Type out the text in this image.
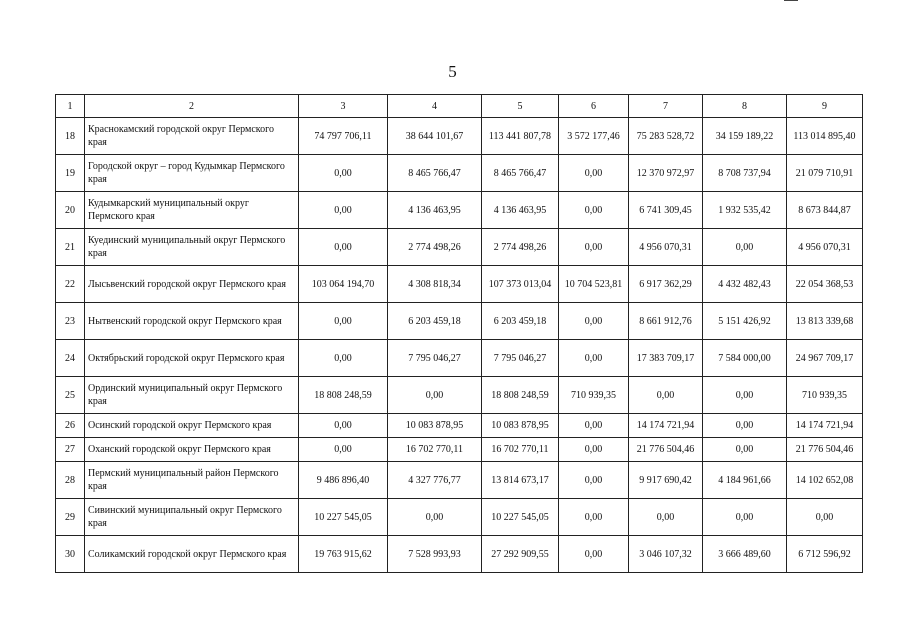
5
1	2	3	4	5	6	7	8	9
18	Краснокамский городской округ Пермского края	74 797 706,11	38 644 101,67	113 441 807,78	3 572 177,46	75 283 528,72	34 159 189,22	113 014 895,40
19	Городской округ – город Кудымкар Пермского края	0,00	8 465 766,47	8 465 766,47	0,00	12 370 972,97	8 708 737,94	21 079 710,91
20	Кудымкарский муниципальный округ Пермского края	0,00	4 136 463,95	4 136 463,95	0,00	6 741 309,45	1 932 535,42	8 673 844,87
21	Куединский муниципальный округ Пермского края	0,00	2 774 498,26	2 774 498,26	0,00	4 956 070,31	0,00	4 956 070,31
22	Лысьвенский городской округ Пермского края	103 064 194,70	4 308 818,34	107 373 013,04	10 704 523,81	6 917 362,29	4 432 482,43	22 054 368,53
23	Нытвенский городской округ Пермского края	0,00	6 203 459,18	6 203 459,18	0,00	8 661 912,76	5 151 426,92	13 813 339,68
24	Октябрьский городской округ Пермского края	0,00	7 795 046,27	7 795 046,27	0,00	17 383 709,17	7 584 000,00	24 967 709,17
25	Ординский муниципальный округ Пермского края	18 808 248,59	0,00	18 808 248,59	710 939,35	0,00	0,00	710 939,35
26	Осинский городской округ Пермского края	0,00	10 083 878,95	10 083 878,95	0,00	14 174 721,94	0,00	14 174 721,94
27	Оханский городской округ Пермского края	0,00	16 702 770,11	16 702 770,11	0,00	21 776 504,46	0,00	21 776 504,46
28	Пермский муниципальный район Пермского края	9 486 896,40	4 327 776,77	13 814 673,17	0,00	9 917 690,42	4 184 961,66	14 102 652,08
29	Сивинский муниципальный округ Пермского края	10 227 545,05	0,00	10 227 545,05	0,00	0,00	0,00	0,00
30	Соликамский городской округ Пермского края	19 763 915,62	7 528 993,93	27 292 909,55	0,00	3 046 107,32	3 666 489,60	6 712 596,92
